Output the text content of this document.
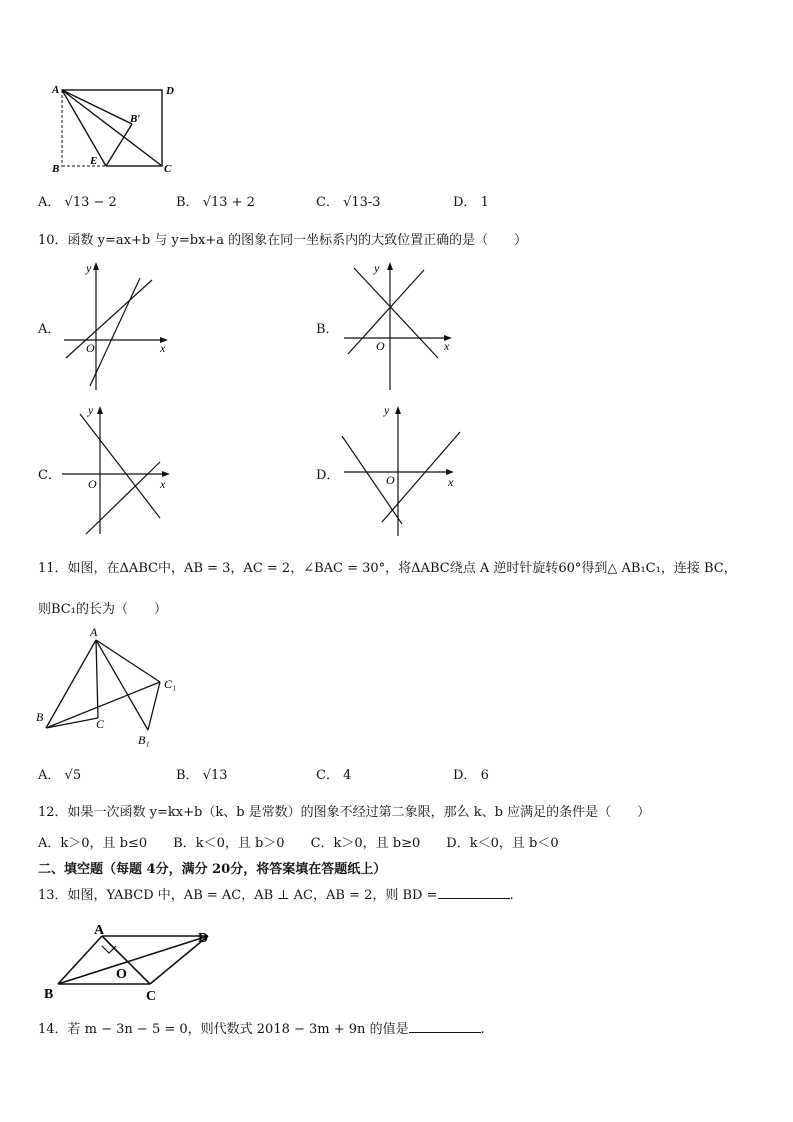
A	D
B
E
C
B′
A． √13 − 2	B． √13 + 2	C． √13-3	D． 1
10．函数 y=ax+b 与 y=bx+a 的图象在同一坐标系内的大致位置正确的是（　　）
A．
x
y
O
B．
x
y
O
C．
x
y
O
D．	x
y
O
11．如图，在ΔABC中，AB = 3，AC = 2，∠BAC = 30°，将ΔABC绕点 A 逆时针旋转60°得到△ AB₁C₁，连接 BC，
则BC₁的长为（　　）
A
B	C
C₁
B₁
A． √5	B． √13	C． 4	D． 6
12．如果一次函数 y=kx+b（k、b 是常数）的图象不经过第二象限，那么 k、b 应满足的条件是（　　）
A．k＞0，且 b≤0　　B．k＜0，且 b＞0　　C．k＞0，且 b≥0　　D．k＜0，且 b＜0
二、填空题（每题 4分，满分 20分，将答案填在答题纸上）
13．如图，YABCD 中，AB = AC，AB ⊥ AC，AB = 2，则 BD =	.
A
D
B	C
O
14．若 m − 3n − 5 = 0，则代数式 2018 − 3m + 9n 的值是	.
